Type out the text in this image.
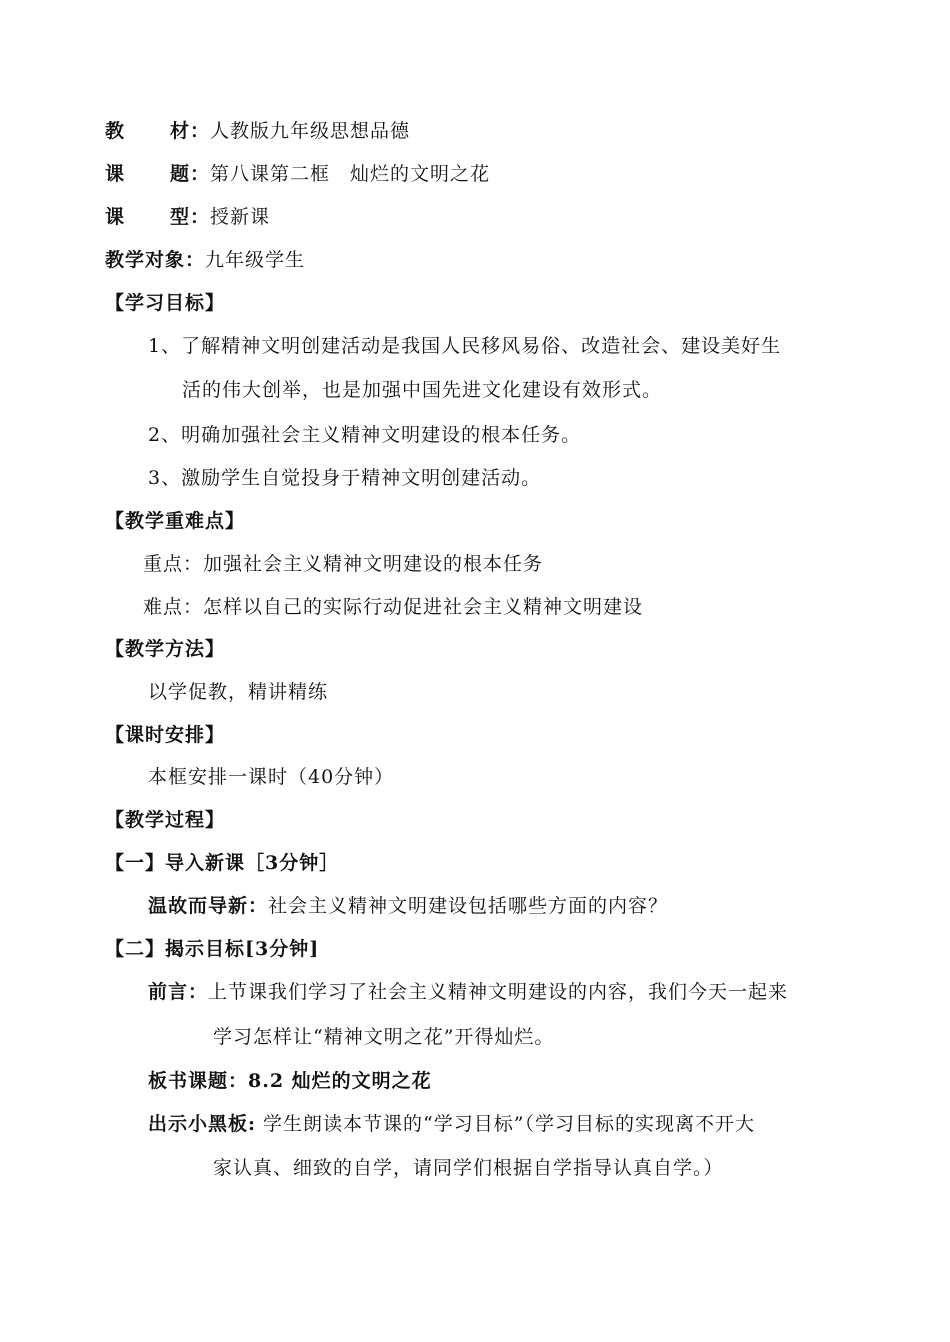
教 材：人教版九年级思想品德
课 题：第八课第二框　灿烂的文明之花
课 型：授新课
教学对象：九年级学生
【学习目标】
1、了解精神文明创建活动是我国人民移风易俗、改造社会、建设美好生
活的伟大创举，也是加强中国先进文化建设有效形式。
2、明确加强社会主义精神文明建设的根本任务。
3、激励学生自觉投身于精神文明创建活动。
【教学重难点】
重点：加强社会主义精神文明建设的根本任务
难点：怎样以自己的实际行动促进社会主义精神文明建设
【教学方法】
以学促教，精讲精练
【课时安排】
本框安排一课时（40分钟）
【教学过程】
【一】导入新课［3分钟］
温故而导新：社会主义精神文明建设包括哪些方面的内容？
【二】揭示目标[3分钟]
前言：上节课我们学习了社会主义精神文明建设的内容，我们今天一起来
学习怎样让“精神文明之花”开得灿烂。
板书课题：8.2 灿烂的文明之花
出示小黑板: 学生朗读本节课的“学习目标”（学习目标的实现离不开大
家认真、细致的自学，请同学们根据自学指导认真自学。）
